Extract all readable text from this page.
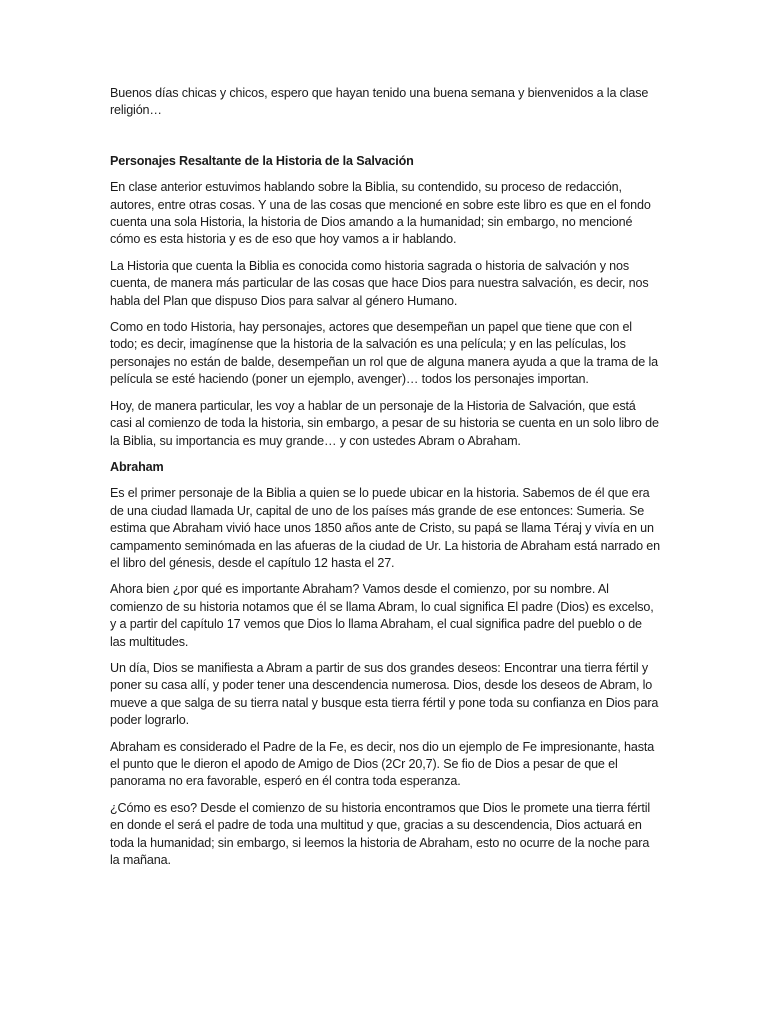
Buenos días chicas y chicos, espero que hayan tenido una buena semana y bienvenidos a la clase religión…

Personajes Resaltante de la Historia de la Salvación

En clase anterior estuvimos hablando sobre la Biblia, su contendido, su proceso de redacción, autores, entre otras cosas. Y una de las cosas que mencioné en sobre este libro es que en el fondo cuenta una sola Historia, la historia de Dios amando a la humanidad; sin embargo, no mencioné cómo es esta historia y es de eso que hoy vamos a ir hablando.

La Historia que cuenta la Biblia es conocida como historia sagrada o historia de salvación y nos cuenta, de manera más particular de las cosas que hace Dios para nuestra salvación, es decir, nos habla del Plan que dispuso Dios para salvar al género Humano.

Como en todo Historia, hay personajes, actores que desempeñan un papel que tiene que con el todo; es decir, imagínense que la historia de la salvación es una película; y en las películas, los personajes no están de balde, desempeñan un rol que de alguna manera ayuda a que la trama de la película se esté haciendo (poner un ejemplo, avenger)… todos los personajes importan.

Hoy, de manera particular, les voy a hablar de un personaje de la Historia de Salvación, que está casi al comienzo de toda la historia, sin embargo, a pesar de su historia se cuenta en un solo libro de la Biblia, su importancia es muy grande… y con ustedes Abram o Abraham.

Abraham

Es el primer personaje de la Biblia a quien se lo puede ubicar en la historia. Sabemos de él que era de una ciudad llamada Ur, capital de uno de los países más grande de ese entonces: Sumeria. Se estima que Abraham vivió hace unos 1850 años ante de Cristo, su papá se llama Téraj y vivía en un campamento seminómada en las afueras de la ciudad de Ur. La historia de Abraham está narrado en el libro del génesis, desde el capítulo 12 hasta el 27.

Ahora bien ¿por qué es importante Abraham? Vamos desde el comienzo, por su nombre. Al comienzo de su historia notamos que él se llama Abram, lo cual significa El padre (Dios) es excelso, y a partir del capítulo 17 vemos que Dios lo llama Abraham, el cual significa padre del pueblo o de las multitudes.

Un día, Dios se manifiesta a Abram a partir de sus dos grandes deseos: Encontrar una tierra fértil y poner su casa allí, y poder tener una descendencia numerosa. Dios, desde los deseos de Abram, lo mueve a que salga de su tierra natal y busque esta tierra fértil y pone toda su confianza en Dios para poder lograrlo.

Abraham es considerado el Padre de la Fe, es decir, nos dio un ejemplo de Fe impresionante, hasta el punto que le dieron el apodo de Amigo de Dios (2Cr 20,7). Se fio de Dios a pesar de que el panorama no era favorable, esperó en él contra toda esperanza.

¿Cómo es eso? Desde el comienzo de su historia encontramos que Dios le promete una tierra fértil en donde el será el padre de toda una multitud y que, gracias a su descendencia, Dios actuará en toda la humanidad; sin embargo, si leemos la historia de Abraham, esto no ocurre de la noche para la mañana.
